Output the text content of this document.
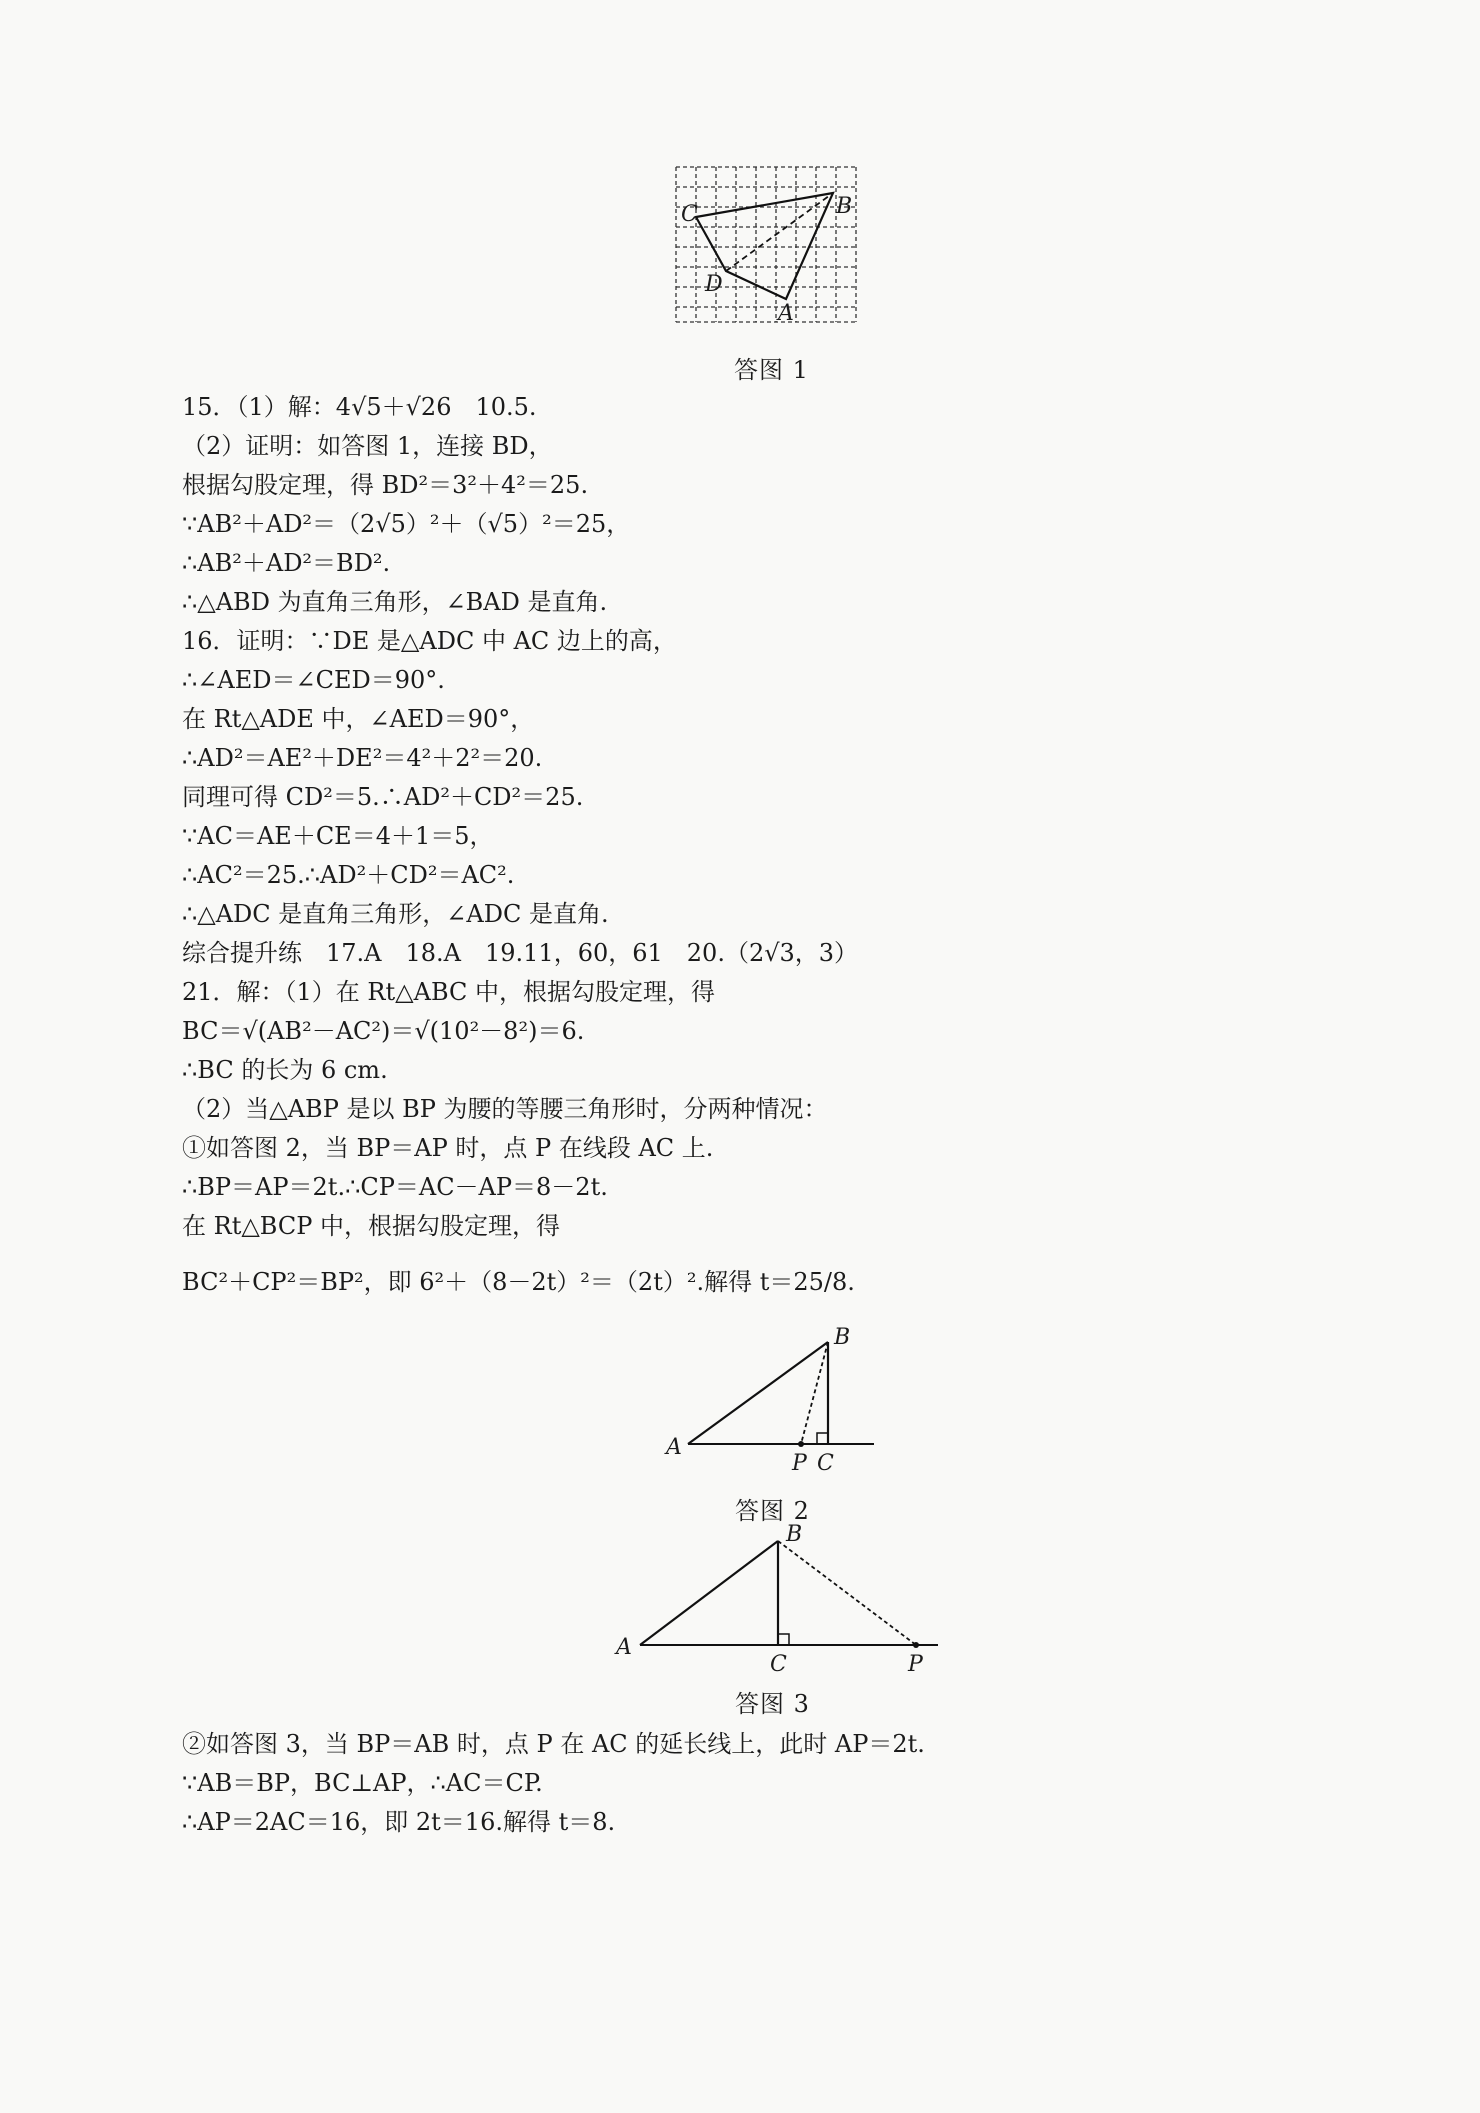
C	B
D
A
答图 1
15．（1）解：4√5＋√26　10.5.
（2）证明：如答图 1，连接 BD，
根据勾股定理，得 BD²＝3²＋4²＝25.
∵AB²＋AD²＝（2√5）²＋（√5）²＝25，
∴AB²＋AD²＝BD².
∴△ABD 为直角三角形，∠BAD 是直角.
16．证明：∵DE 是△ADC 中 AC 边上的高，
∴∠AED＝∠CED＝90°.
在 Rt△ADE 中，∠AED＝90°，
∴AD²＝AE²＋DE²＝4²＋2²＝20.
同理可得 CD²＝5.∴AD²＋CD²＝25.
∵AC＝AE＋CE＝4＋1＝5，
∴AC²＝25.∴AD²＋CD²＝AC².
∴△ADC 是直角三角形，∠ADC 是直角.
综合提升练　17.A　18.A　19.11，60，61　20.（2√3，3）
21．解：（1）在 Rt△ABC 中，根据勾股定理，得
BC＝√(AB²－AC²)＝√(10²－8²)＝6.
∴BC 的长为 6 cm.
（2）当△ABP 是以 BP 为腰的等腰三角形时，分两种情况：
①如答图 2，当 BP＝AP 时，点 P 在线段 AC 上.
∴BP＝AP＝2t.∴CP＝AC－AP＝8－2t.
在 Rt△BCP 中，根据勾股定理，得
BC²＋CP²＝BP²，即 6²＋（8－2t）²＝（2t）².解得 t＝25/8.
A
B
P C
答图 2
A
B
C	P
答图 3
②如答图 3，当 BP＝AB 时，点 P 在 AC 的延长线上，此时 AP＝2t.
∵AB＝BP，BC⊥AP，∴AC＝CP.
∴AP＝2AC＝16，即 2t＝16.解得 t＝8.
